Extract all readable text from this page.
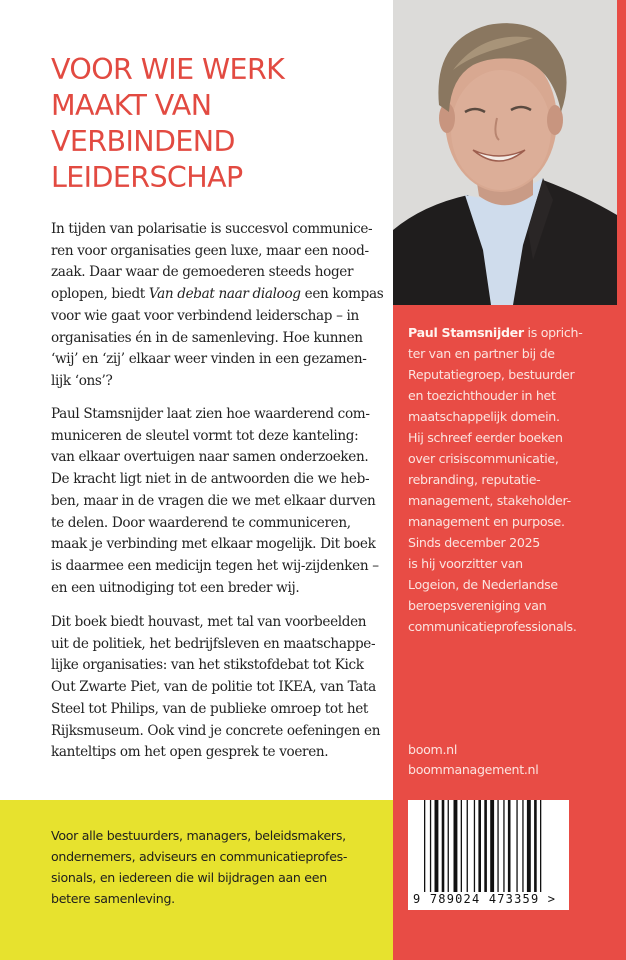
VOOR WIE WERK
MAAKT VAN
VERBINDEND
LEIDERSCHAP
In tijden van polarisatie is succesvol communice-
ren voor organisaties geen luxe, maar een nood-
zaak. Daar waar de gemoederen steeds hoger
oplopen, biedt Van debat naar dialoog een kompas
voor wie gaat voor verbindend leiderschap – in
organisaties én in de samenleving. Hoe kunnen
‘wij’ en ‘zij’ elkaar weer vinden in een gezamen-
lijk ‘ons’?
Paul Stamsnijder laat zien hoe waarderend com-
municeren de sleutel vormt tot deze kanteling:
van elkaar overtuigen naar samen onderzoeken.
De kracht ligt niet in de antwoorden die we heb-
ben, maar in de vragen die we met elkaar durven
te delen. Door waarderend te communiceren,
maak je verbinding met elkaar mogelijk. Dit boek
is daarmee een medicijn tegen het wij-zijdenken –
en een uitnodiging tot een breder wij.
Dit boek biedt houvast, met tal van voorbeelden
uit de politiek, het bedrijfsleven en maatschappe-
lijke organisaties: van het stikstofdebat tot Kick
Out Zwarte Piet, van de politie tot IKEA, van Tata
Steel tot Philips, van de publieke omroep tot het
Rijksmuseum. Ook vind je concrete oefeningen en
kanteltips om het open gesprek te voeren.
Voor alle bestuurders, managers, beleidsmakers,
ondernemers, adviseurs en communicatieprofes-
sionals, en iedereen die wil bijdragen aan een
betere samenleving.
Paul Stamsnijder is oprich-
ter van en partner bij de
Reputatiegroep, bestuurder
en toezichthouder in het
maatschappelijk domein.
Hij schreef eerder boeken
over crisiscommunicatie,
rebranding, reputatie-
management, stakeholder-
management en purpose.
Sinds december 2025
is hij voorzitter van
Logeion, de Nederlandse
beroepsvereniging van
communicatieprofessionals.
boom.nl
boommanagement.nl
9 789024 473359 >
